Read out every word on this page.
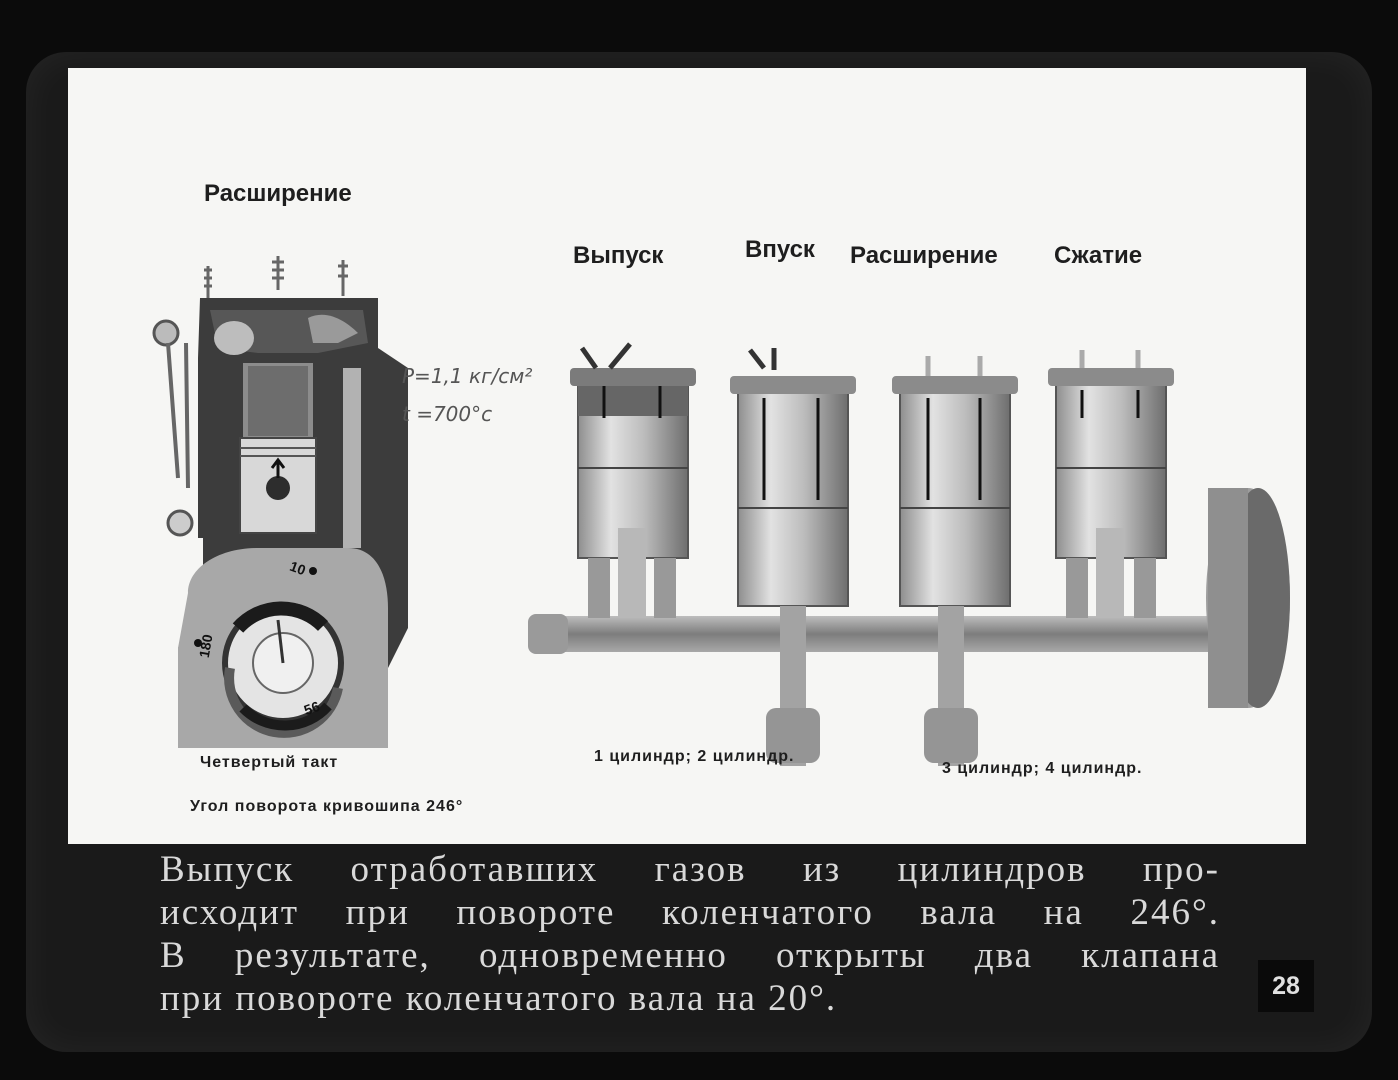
Расширение
10
180
56
P=1,1 кг/см²
t =700°c
Четвертый такт
Угол поворота кривошипа 246°
Выпуск	Впуск Расширение Сжатие
1 цилиндр; 2 цилиндр.
3 цилиндр; 4 цилиндр.
Выпуск отработавших газов из цилиндров про-
исходит при повороте коленчатого вала на 246°.
В результате, одновременно открыты два клапана
при повороте коленчатого вала на 20°.	28
